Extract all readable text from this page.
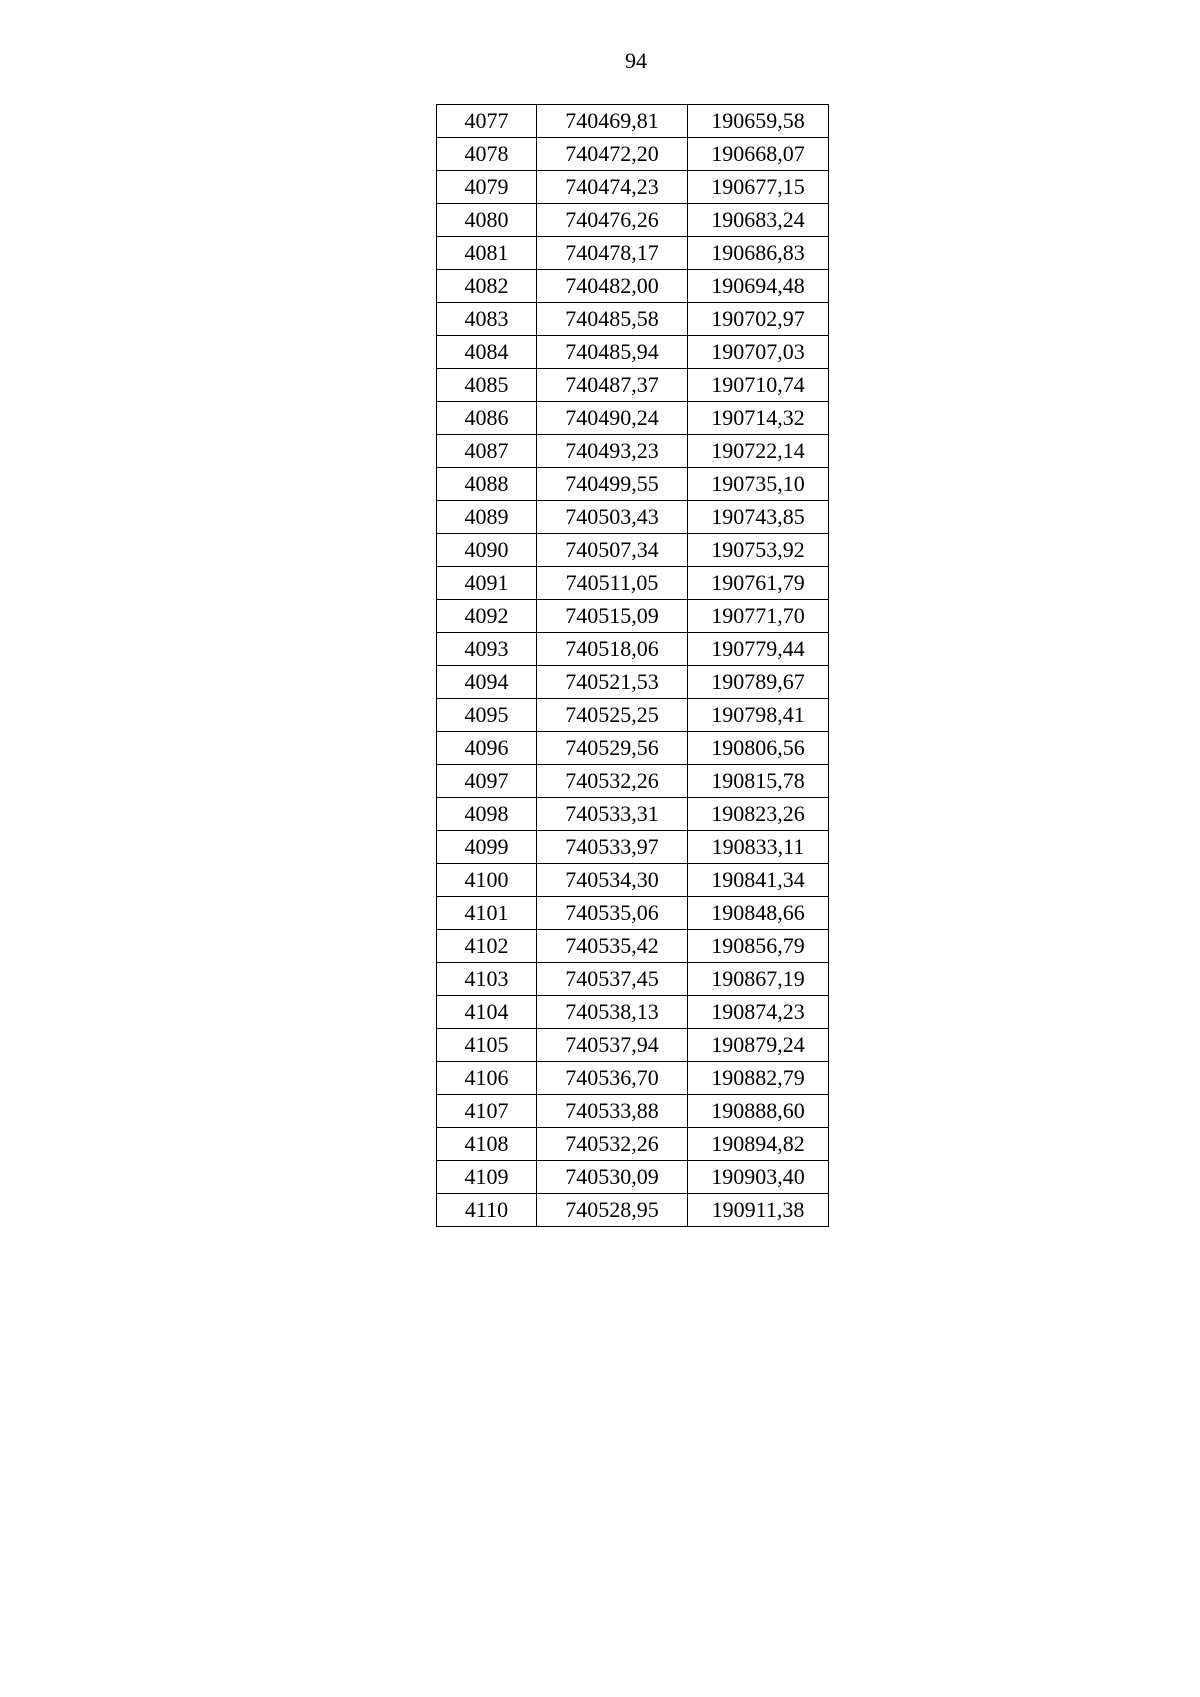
94
4077	740469,81	190659,58
4078	740472,20	190668,07
4079	740474,23	190677,15
4080	740476,26	190683,24
4081	740478,17	190686,83
4082	740482,00	190694,48
4083	740485,58	190702,97
4084	740485,94	190707,03
4085	740487,37	190710,74
4086	740490,24	190714,32
4087	740493,23	190722,14
4088	740499,55	190735,10
4089	740503,43	190743,85
4090	740507,34	190753,92
4091	740511,05	190761,79
4092	740515,09	190771,70
4093	740518,06	190779,44
4094	740521,53	190789,67
4095	740525,25	190798,41
4096	740529,56	190806,56
4097	740532,26	190815,78
4098	740533,31	190823,26
4099	740533,97	190833,11
4100	740534,30	190841,34
4101	740535,06	190848,66
4102	740535,42	190856,79
4103	740537,45	190867,19
4104	740538,13	190874,23
4105	740537,94	190879,24
4106	740536,70	190882,79
4107	740533,88	190888,60
4108	740532,26	190894,82
4109	740530,09	190903,40
4110	740528,95	190911,38
